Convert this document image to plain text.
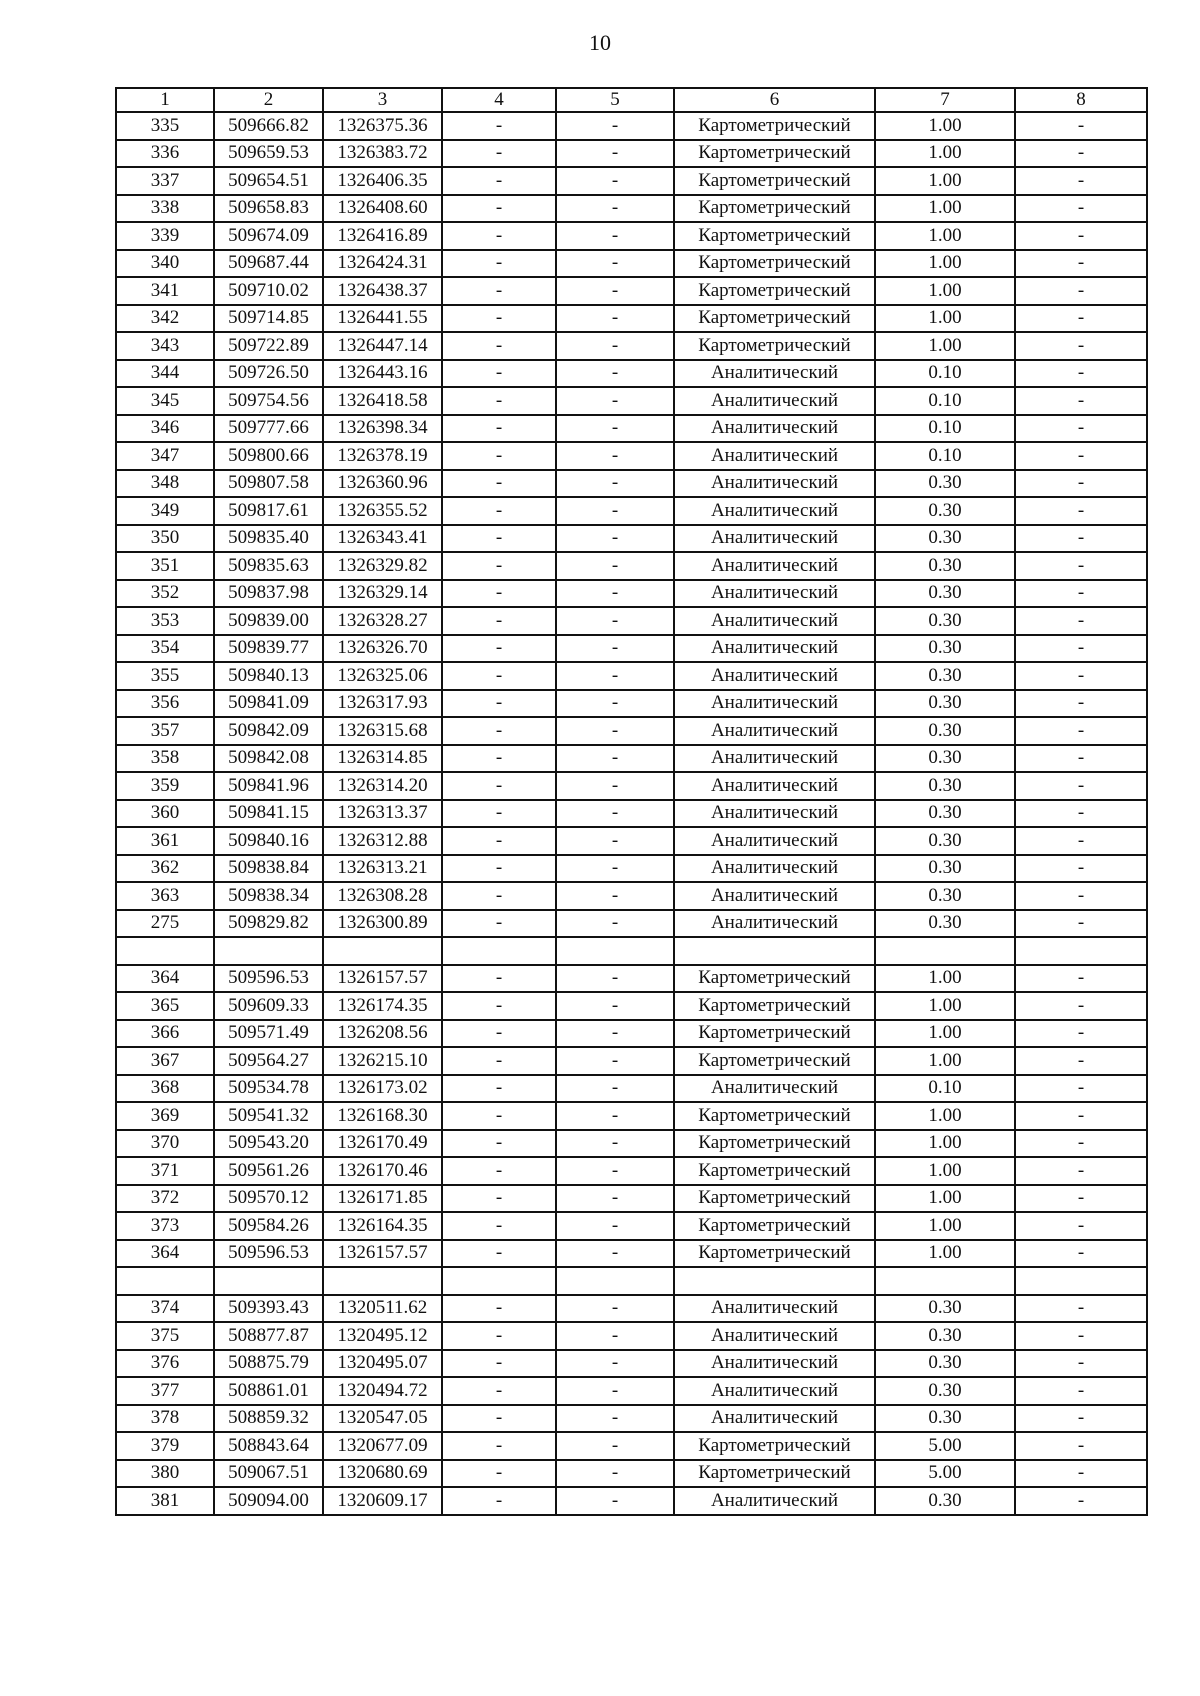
10
1	2	3	4	5	6	7	8
335	509666.82	1326375.36	-	-	Картометрический	1.00	-
336	509659.53	1326383.72	-	-	Картометрический	1.00	-
337	509654.51	1326406.35	-	-	Картометрический	1.00	-
338	509658.83	1326408.60	-	-	Картометрический	1.00	-
339	509674.09	1326416.89	-	-	Картометрический	1.00	-
340	509687.44	1326424.31	-	-	Картометрический	1.00	-
341	509710.02	1326438.37	-	-	Картометрический	1.00	-
342	509714.85	1326441.55	-	-	Картометрический	1.00	-
343	509722.89	1326447.14	-	-	Картометрический	1.00	-
344	509726.50	1326443.16	-	-	Аналитический	0.10	-
345	509754.56	1326418.58	-	-	Аналитический	0.10	-
346	509777.66	1326398.34	-	-	Аналитический	0.10	-
347	509800.66	1326378.19	-	-	Аналитический	0.10	-
348	509807.58	1326360.96	-	-	Аналитический	0.30	-
349	509817.61	1326355.52	-	-	Аналитический	0.30	-
350	509835.40	1326343.41	-	-	Аналитический	0.30	-
351	509835.63	1326329.82	-	-	Аналитический	0.30	-
352	509837.98	1326329.14	-	-	Аналитический	0.30	-
353	509839.00	1326328.27	-	-	Аналитический	0.30	-
354	509839.77	1326326.70	-	-	Аналитический	0.30	-
355	509840.13	1326325.06	-	-	Аналитический	0.30	-
356	509841.09	1326317.93	-	-	Аналитический	0.30	-
357	509842.09	1326315.68	-	-	Аналитический	0.30	-
358	509842.08	1326314.85	-	-	Аналитический	0.30	-
359	509841.96	1326314.20	-	-	Аналитический	0.30	-
360	509841.15	1326313.37	-	-	Аналитический	0.30	-
361	509840.16	1326312.88	-	-	Аналитический	0.30	-
362	509838.84	1326313.21	-	-	Аналитический	0.30	-
363	509838.34	1326308.28	-	-	Аналитический	0.30	-
275	509829.82	1326300.89	-	-	Аналитический	0.30	-

364	509596.53	1326157.57	-	-	Картометрический	1.00	-
365	509609.33	1326174.35	-	-	Картометрический	1.00	-
366	509571.49	1326208.56	-	-	Картометрический	1.00	-
367	509564.27	1326215.10	-	-	Картометрический	1.00	-
368	509534.78	1326173.02	-	-	Аналитический	0.10	-
369	509541.32	1326168.30	-	-	Картометрический	1.00	-
370	509543.20	1326170.49	-	-	Картометрический	1.00	-
371	509561.26	1326170.46	-	-	Картометрический	1.00	-
372	509570.12	1326171.85	-	-	Картометрический	1.00	-
373	509584.26	1326164.35	-	-	Картометрический	1.00	-
364	509596.53	1326157.57	-	-	Картометрический	1.00	-

374	509393.43	1320511.62	-	-	Аналитический	0.30	-
375	508877.87	1320495.12	-	-	Аналитический	0.30	-
376	508875.79	1320495.07	-	-	Аналитический	0.30	-
377	508861.01	1320494.72	-	-	Аналитический	0.30	-
378	508859.32	1320547.05	-	-	Аналитический	0.30	-
379	508843.64	1320677.09	-	-	Картометрический	5.00	-
380	509067.51	1320680.69	-	-	Картометрический	5.00	-
381	509094.00	1320609.17	-	-	Аналитический	0.30	-
